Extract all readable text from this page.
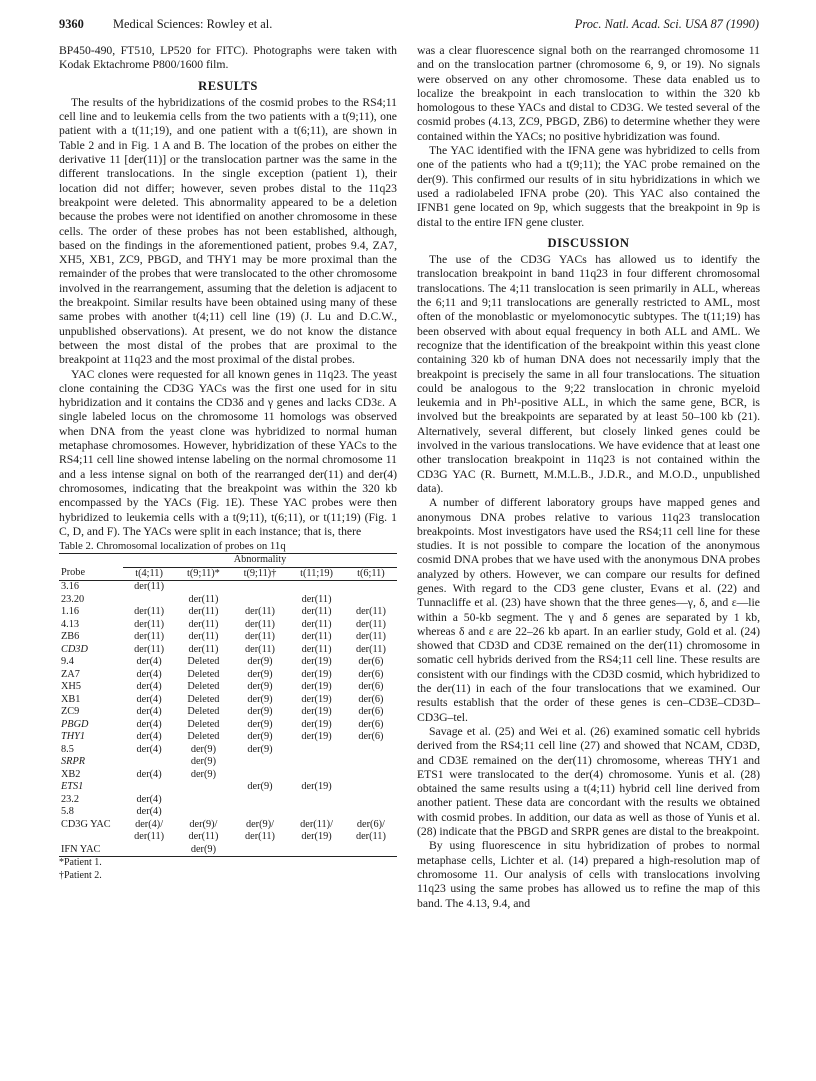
9360 Medical Sciences: Rowley et al.	Proc. Natl. Acad. Sci. USA 87 (1990)

BP450-490, FT510, LP520 for FITC). Photographs were taken with Kodak Ektachrome P800/1600 film.

RESULTS

The results of the hybridizations of the cosmid probes to the RS4;11 cell line and to leukemia cells from the two patients with a t(9;11), one patient with a t(11;19), and one patient with a t(6;11), are shown in Table 2 and in Fig. 1 A and B. The location of the probes on either the derivative 11 [der(11)] or the translocation partner was the same in the different translocations. In the single exception (patient 1), their location did not differ; however, seven probes distal to the 11q23 breakpoint were deleted. This abnormality appeared to be a deletion because the probes were not identified on another chromosome in these cells. The order of these probes has not been established, although, based on the findings in the aforementioned patient, probes 9.4, ZA7, XH5, XB1, ZC9, PBGD, and THY1 may be more proximal than the remainder of the probes that were translocated to the other chromosome involved in the rearrangement, assuming that the deletion is adjacent to the breakpoint. Similar results have been obtained using many of these same probes with another t(4;11) cell line (19) (J. Lu and D.C.W., unpublished observations). At present, we do not know the distance between the most distal of the probes that are proximal to the breakpoint at 11q23 and the most proximal of the distal probes.

YAC clones were requested for all known genes in 11q23. The yeast clone containing the CD3G YACs was the first one used for in situ hybridization and it contains the CD3δ and γ genes and lacks CD3ε. A single labeled locus on the chromosome 11 homologs was observed when DNA from the yeast clone was hybridized to normal human metaphase chromosomes. However, hybridization of these YACs to the RS4;11 cell line showed intense labeling on the normal chromosome 11 and a less intense signal on both of the rearranged der(11) and der(4) chromosomes, indicating that the breakpoint was within the 320 kb encompassed by the YACs (Fig. 1E). These YAC probes were then hybridized to leukemia cells with a t(9;11), t(6;11), or t(11;19) (Fig. 1 C, D, and F). The YACs were split in each instance; that is, there

Table 2. Chromosomal localization of probes on 11q

	Abnormality				
Probe	t(4;11)	t(9;11)*	t(9;11)†	t(11;19)	t(6;11)
3.16	der(11)				
23.20		der(11)		der(11)	
1.16	der(11)	der(11)	der(11)	der(11)	der(11)
4.13	der(11)	der(11)	der(11)	der(11)	der(11)
ZB6	der(11)	der(11)	der(11)	der(11)	der(11)
CD3D	der(11)	der(11)	der(11)	der(11)	der(11)
9.4	der(4)	Deleted	der(9)	der(19)	der(6)
ZA7	der(4)	Deleted	der(9)	der(19)	der(6)
XH5	der(4)	Deleted	der(9)	der(19)	der(6)
XB1	der(4)	Deleted	der(9)	der(19)	der(6)
ZC9	der(4)	Deleted	der(9)	der(19)	der(6)
PBGD	der(4)	Deleted	der(9)	der(19)	der(6)
THY1	der(4)	Deleted	der(9)	der(19)	der(6)
8.5	der(4)	der(9)	der(9)		
SRPR		der(9)			
XB2	der(4)	der(9)			
ETS1			der(9)	der(19)	
23.2	der(4)				
5.8	der(4)				
CD3G YAC	der(4)/	der(9)/	der(9)/	der(11)/	der(6)/
	der(11)	der(11)	der(11)	der(19)	der(11)
IFN YAC		der(9)			

*Patient 1.

†Patient 2.

was a clear fluorescence signal both on the rearranged chromosome 11 and on the translocation partner (chromosome 6, 9, or 19). No signals were observed on any other chromosome. These data enabled us to localize the breakpoint in each translocation to within the 320 kb homologous to these YACs and distal to CD3G. We tested several of the cosmid probes (4.13, ZC9, PBGD, ZB6) to determine whether they were contained within the YACs; no positive hybridization was found.

The YAC identified with the IFNA gene was hybridized to cells from one of the patients who had a t(9;11); the YAC probe remained on the der(9). This confirmed our results of in situ hybridizations in which we used a radiolabeled IFNA probe (20). This YAC also contained the IFNB1 gene located on 9p, which suggests that the breakpoint in 9p is distal to the entire IFN gene cluster.

DISCUSSION

The use of the CD3G YACs has allowed us to identify the translocation breakpoint in band 11q23 in four different chromosomal translocations. The 4;11 translocation is seen primarily in ALL, whereas the 6;11 and 9;11 translocations are generally restricted to AML, most often of the monoblastic or myelomonocytic subtypes. The t(11;19) has been observed with about equal frequency in both ALL and AML. We recognize that the identification of the breakpoint within this yeast clone containing 320 kb of human DNA does not necessarily imply that the breakpoint is precisely the same in all four translocations. The situation could be analogous to the 9;22 translocation in chronic myeloid leukemia and in Ph¹-positive ALL, in which the same gene, BCR, is involved but the breakpoints are separated by at least 50–100 kb (21). Alternatively, several different, but closely linked genes could be involved in the various translocations. We have evidence that at least one other translocation breakpoint in 11q23 is not contained within the CD3G YAC (R. Burnett, M.M.L.B., J.D.R., and M.O.D., unpublished data).

A number of different laboratory groups have mapped genes and anonymous DNA probes relative to various 11q23 translocation breakpoints. Most investigators have used the RS4;11 cell line for these studies. It is not possible to compare the location of the anonymous cosmid DNA probes that we have used with the anonymous DNA probes analyzed by others. However, we can compare our results for defined genes. With regard to the CD3 gene cluster, Evans et al. (22) and Tunnacliffe et al. (23) have shown that the three genes—γ, δ, and ε—lie within a 50-kb segment. The γ and δ genes are separated by 1 kb, whereas δ and ε are 22–26 kb apart. In an earlier study, Gold et al. (24) showed that CD3D and CD3E remained on the der(11) chromosome in somatic cell hybrids derived from the RS4;11 cell line. These results are consistent with our findings with the CD3D cosmid, which hybridized to the der(11) in each of the four translocations that we examined. Our results establish that the order of these genes is cen–CD3E–CD3D–CD3G–tel.

Savage et al. (25) and Wei et al. (26) examined somatic cell hybrids derived from the RS4;11 cell line (27) and showed that NCAM, CD3D, and CD3E remained on the der(11) chromosome, whereas THY1 and ETS1 were translocated to the der(4) chromosome. Yunis et al. (28) obtained the same results using a t(4;11) hybrid cell line derived from another patient. These data are concordant with the results we obtained with cosmid probes. In addition, our data as well as those of Yunis et al. (28) indicate that the PBGD and SRPR genes are distal to the breakpoint.

By using fluorescence in situ hybridization of probes to normal metaphase cells, Lichter et al. (14) prepared a high-resolution map of chromosome 11. Our analysis of cells with translocations involving 11q23 using the same probes has allowed us to refine the map of this band. The 4.13, 9.4, and
